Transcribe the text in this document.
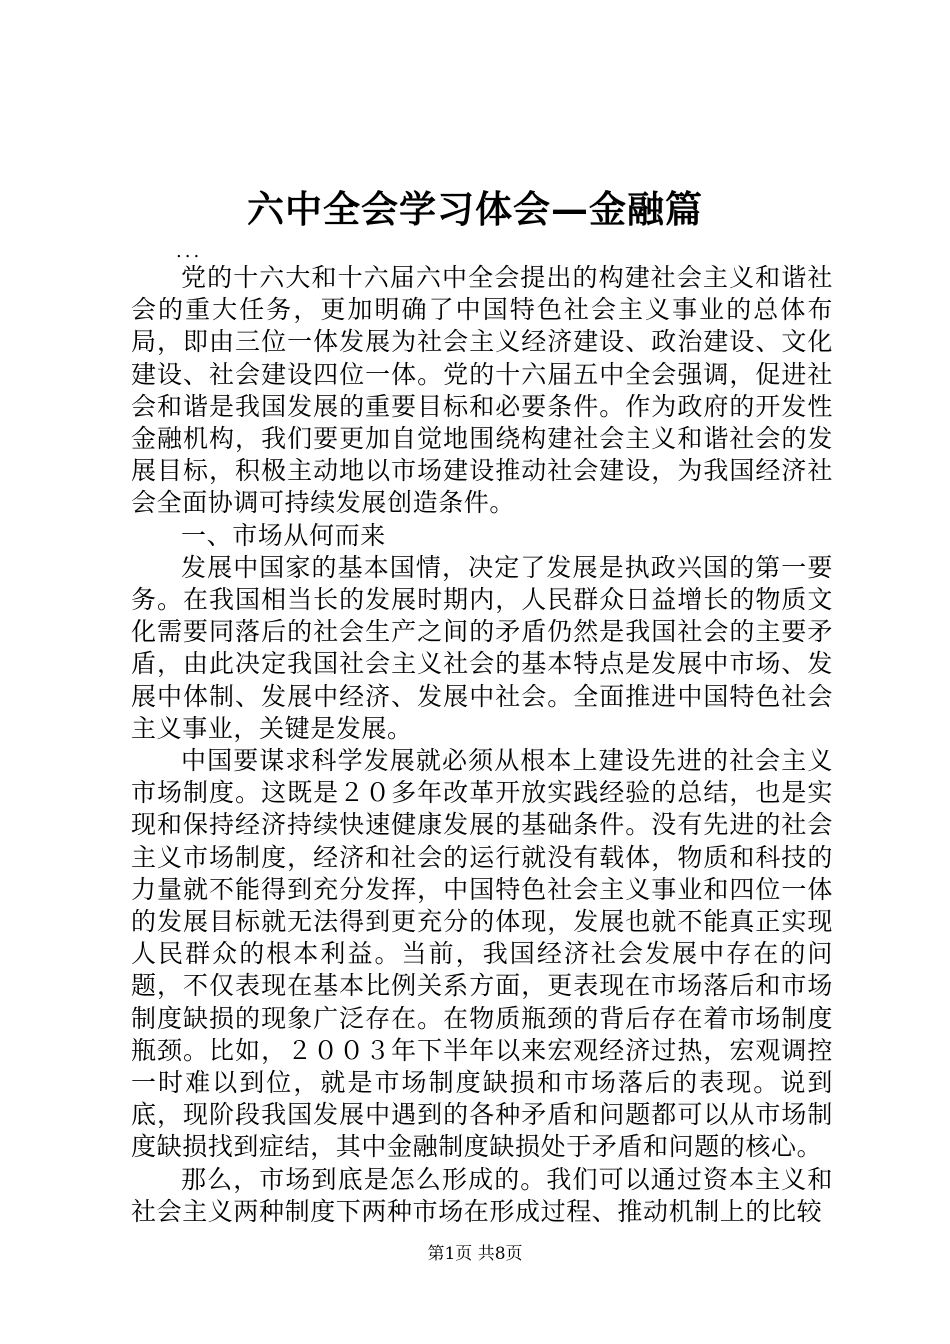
六中全会学习体会—金融篇
...

党的十六大和十六届六中全会提出的构建社会主义和谐社会的重大任务，更加明确了中国特色社会主义事业的总体布局，即由三位一体发展为社会主义经济建设、政治建设、文化建设、社会建设四位一体。党的十六届五中全会强调，促进社会和谐是我国发展的重要目标和必要条件。作为政府的开发性金融机构，我们要更加自觉地围绕构建社会主义和谐社会的发展目标，积极主动地以市场建设推动社会建设，为我国经济社会全面协调可持续发展创造条件。

一、市场从何而来

发展中国家的基本国情，决定了发展是执政兴国的第一要务。在我国相当长的发展时期内，人民群众日益增长的物质文化需要同落后的社会生产之间的矛盾仍然是我国社会的主要矛盾，由此决定我国社会主义社会的基本特点是发展中市场、发展中体制、发展中经济、发展中社会。全面推进中国特色社会主义事业，关键是发展。

中国要谋求科学发展就必须从根本上建设先进的社会主义市场制度。这既是２０多年改革开放实践经验的总结，也是实现和保持经济持续快速健康发展的基础条件。没有先进的社会主义市场制度，经济和社会的运行就没有载体，物质和科技的力量就不能得到充分发挥，中国特色社会主义事业和四位一体的发展目标就无法得到更充分的体现，发展也就不能真正实现人民群众的根本利益。当前，我国经济社会发展中存在的问题，不仅表现在基本比例关系方面，更表现在市场落后和市场制度缺损的现象广泛存在。在物质瓶颈的背后存在着市场制度瓶颈。比如，２００３年下半年以来宏观经济过热，宏观调控一时难以到位，就是市场制度缺损和市场落后的表现。说到底，现阶段我国发展中遇到的各种矛盾和问题都可以从市场制度缺损找到症结，其中金融制度缺损处于矛盾和问题的核心。

那么，市场到底是怎么形成的。我们可以通过资本主义和社会主义两种制度下两种市场在形成过程、推动机制上的比较

第1页 共8页
